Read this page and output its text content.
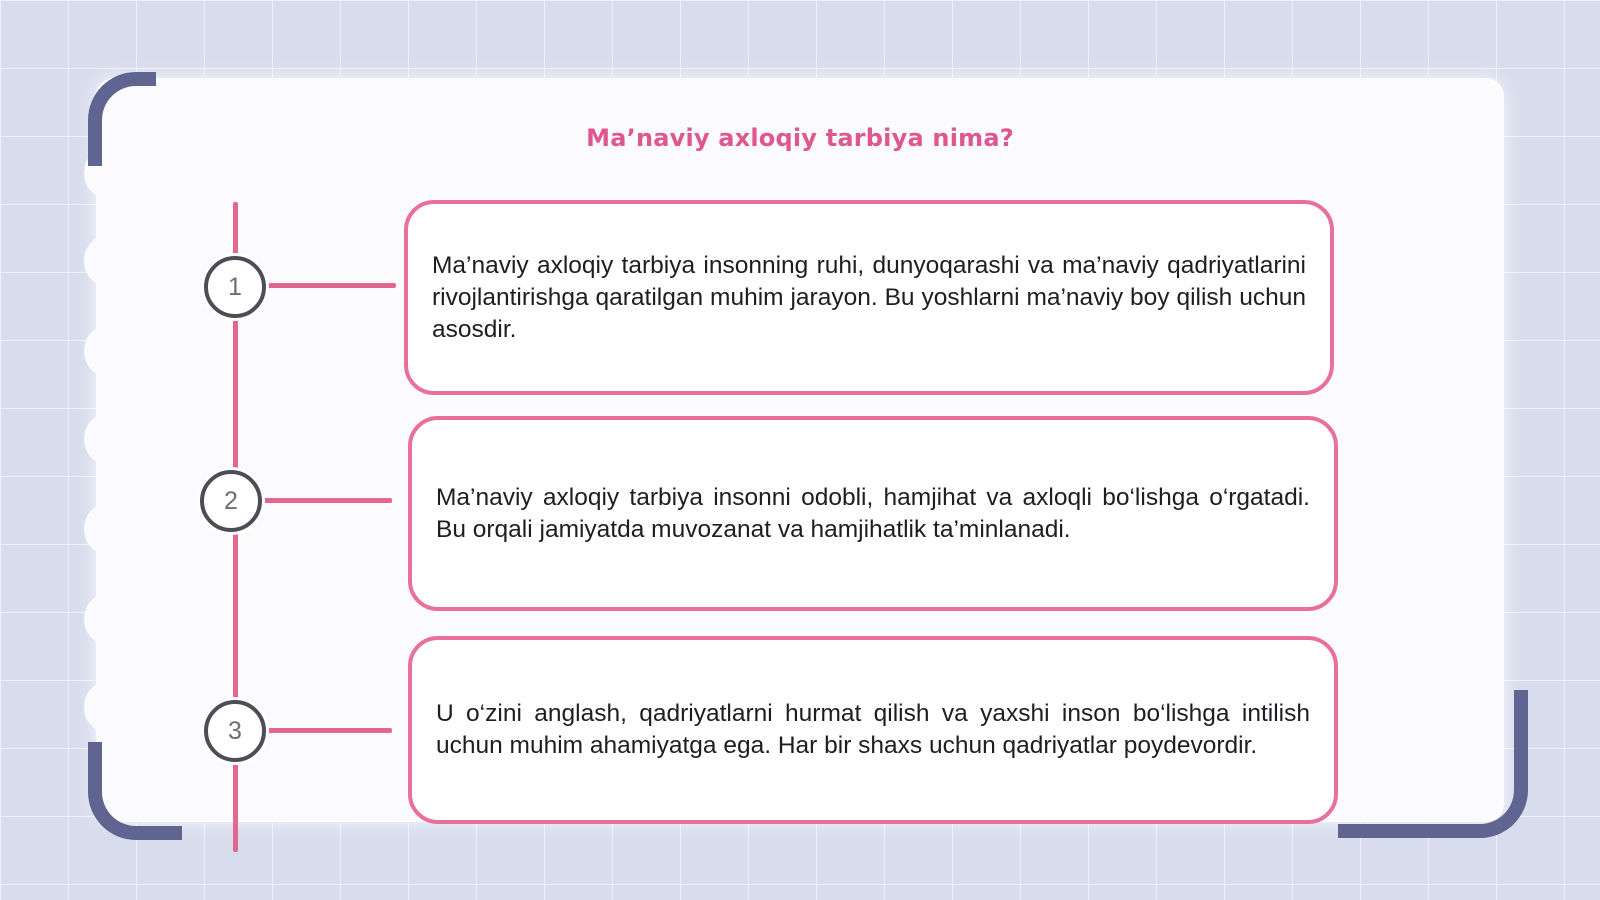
Ma’naviy axloqiy tarbiya nima?
1

Ma’naviy axloqiy tarbiya insonning ruhi, dunyoqarashi va ma’naviy qadriyatlarini rivojlantirishga qaratilgan muhim jarayon. Bu yoshlarni ma’naviy boy qilish uchun asosdir.

2	Ma’naviy axloqiy tarbiya insonni odobli, hamjihat va axloqli bo‘lishga o‘rgatadi. Bu orqali jamiyatda muvozanat va hamjihatlik ta’minlanadi.

3

U o‘zini anglash, qadriyatlarni hurmat qilish va yaxshi inson bo‘lishga intilish uchun muhim ahamiyatga ega. Har bir shaxs uchun qadriyatlar poydevordir.
